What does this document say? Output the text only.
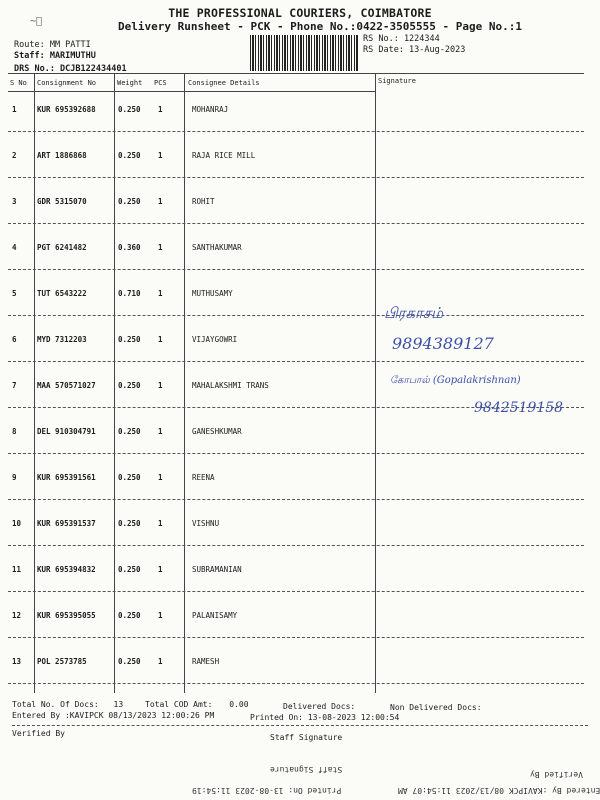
~ﾞ
THE PROFESSIONAL COURIERS, COIMBATORE
Delivery Runsheet - PCK - Phone No.:0422-3505555 - Page No.:1
Route: MM PATTI
Staff: MARIMUTHU
DRS No.: DCJB122434401
RS No.: 1224344
RS Date: 13-Aug-2023
S No Consignment No	Weight PCS	Consignee Details	Signature
1	KUR 695392688	0.250 1	MOHANRAJ
2	ART 1886868	0.250 1	RAJA RICE MILL
3	GDR 5315070	0.250 1	ROHIT
4	PGT 6241482	0.360 1	SANTHAKUMAR
5	TUT 6543222	0.710 1	MUTHUSAMY
6	MYD 7312203	0.250 1	VIJAYGOWRI
7	MAA 570571027	0.250 1	MAHALAKSHMI TRANS
8	DEL 910304791	0.250 1	GANESHKUMAR
9	KUR 695391561	0.250 1	REENA
10 KUR 695391537	0.250 1	VISHNU
11 KUR 695394832	0.250 1	SUBRAMANIAN
12 KUR 695395055	0.250 1	PALANISAMY
13 POL 2573785	0.250 1	RAMESH
பிரகாசம்
9894389127
கோபால் (Gopalakrishnan)
9842519158
Total No. Of Docs: 13	Total COD Amt: 0.00	Delivered Docs:	Non Delivered Docs:
Entered By :KAVIPCK 08/13/2023 12:00:26 PM	Printed On: 13-08-2023 12:00:54
Verified By	Staff Signature
Staff Signature
Verified By
Printed On: 13-08-2023 11:54:19	Entered By :KAVIPCK 08/13/2023 11:54:07 AM
